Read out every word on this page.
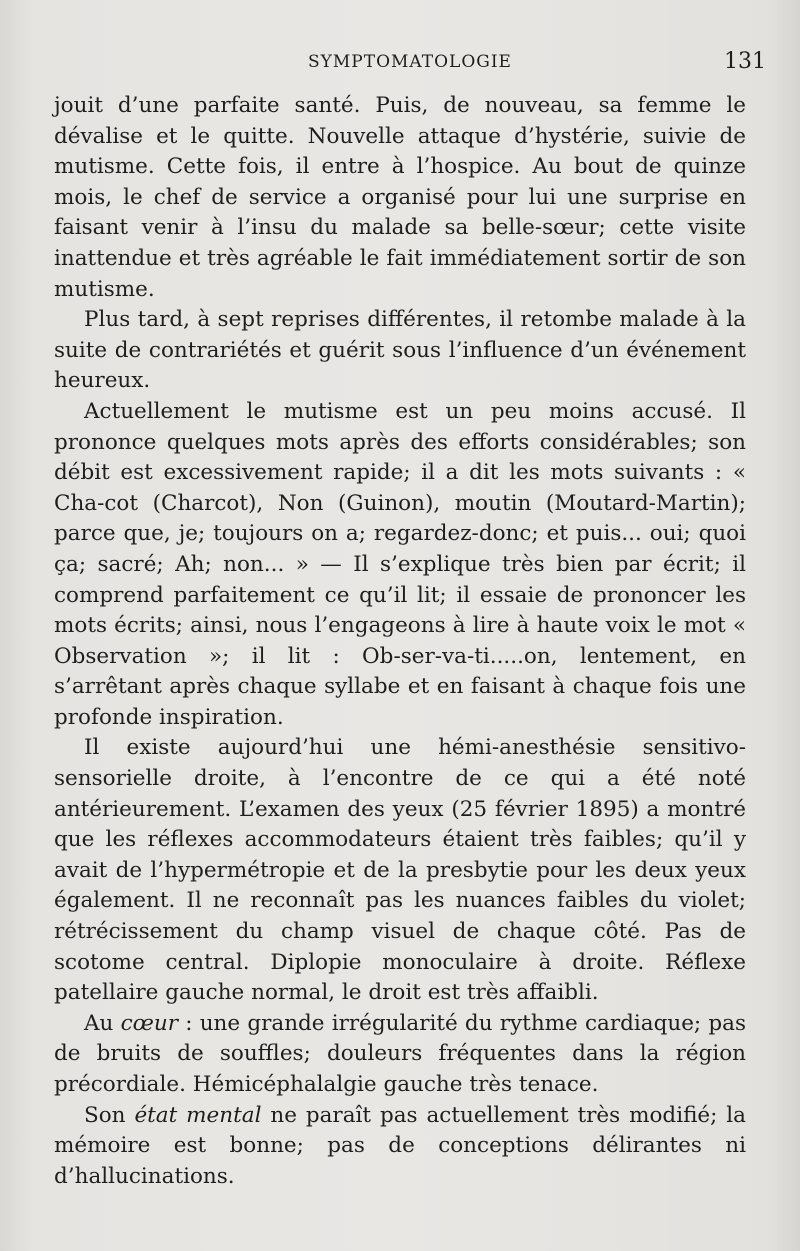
SYMPTOMATOLOGIE	131

jouit d’une parfaite santé. Puis, de nouveau, sa femme le dévalise et le quitte. Nouvelle attaque d’hystérie, suivie de mutisme. Cette fois, il entre à l’hospice. Au bout de quinze mois, le chef de service a organisé pour lui une surprise en faisant venir à l’insu du malade sa belle-sœur; cette visite inattendue et très agréable le fait immédiatement sortir de son mutisme.

Plus tard, à sept reprises différentes, il retombe malade à la suite de contrariétés et guérit sous l’influence d’un événement heureux.

Actuellement le mutisme est un peu moins accusé. Il prononce quelques mots après des efforts considérables; son débit est excessivement rapide; il a dit les mots suivants : « Cha-cot (Charcot), Non (Guinon), moutin (Moutard-Martin); parce que, je; toujours on a; regardez-donc; et puis... oui; quoi ça; sacré; Ah; non... » — Il s’explique très bien par écrit; il comprend parfaitement ce qu’il lit; il essaie de prononcer les mots écrits; ainsi, nous l’engageons à lire à haute voix le mot « Observation »; il lit : Ob-ser-va-ti.....on, lentement, en s’arrêtant après chaque syllabe et en faisant à chaque fois une profonde inspiration.

Il existe aujourd’hui une hémi-anesthésie sensitivo-sensorielle droite, à l’encontre de ce qui a été noté antérieurement. L’examen des yeux (25 février 1895) a montré que les réflexes accommodateurs étaient très faibles; qu’il y avait de l’hypermétropie et de la presbytie pour les deux yeux également. Il ne reconnaît pas les nuances faibles du violet; rétrécissement du champ visuel de chaque côté. Pas de scotome central. Diplopie monoculaire à droite. Réflexe patellaire gauche normal, le droit est très affaibli.

Au cœur : une grande irrégularité du rythme cardiaque; pas de bruits de souffles; douleurs fréquentes dans la région précordiale. Hémicéphalalgie gauche très tenace.

Son état mental ne paraît pas actuellement très modifié; la mémoire est bonne; pas de conceptions délirantes ni d’hallucinations.
